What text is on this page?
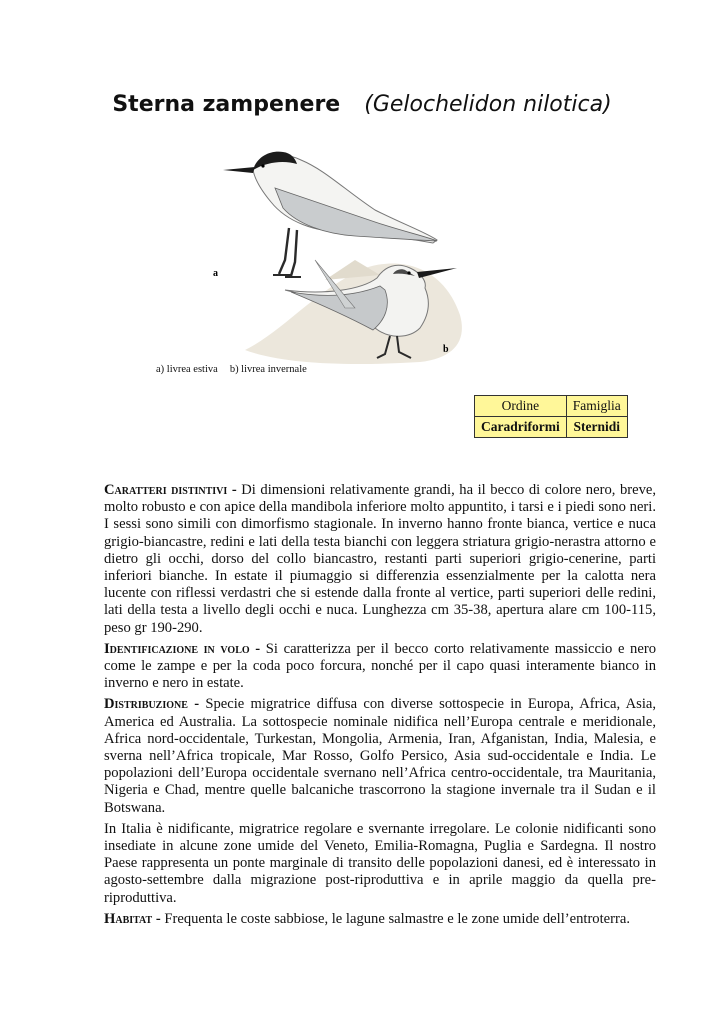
Sterna zampenere (Gelochelidon nilotica)
a
b
a) livrea estiva b) livrea invernale
Ordine	Famiglia
Caradriformi	Sternidi

Caratteri distintivi - Di dimensioni relativamente grandi, ha il becco di colore nero, breve, molto robusto e con apice della mandibola inferiore molto appuntito, i tarsi e i piedi sono neri. I sessi sono simili con dimorfismo stagionale. In inverno hanno fronte bianca, vertice e nuca grigio-biancastre, redini e lati della testa bianchi con leggera striatura grigio-nerastra attorno e dietro gli occhi, dorso del collo biancastro, restanti parti superiori grigio-cenerine, parti inferiori bianche. In estate il piumaggio si differenzia essenzialmente per la calotta nera lucente con riflessi verdastri che si estende dalla fronte al vertice, parti superiori delle redini, lati della testa a livello degli occhi e nuca. Lunghezza cm 35-38, apertura alare cm 100-115, peso gr 190-290.

Identificazione in volo - Si caratterizza per il becco corto relativamente massiccio e nero come le zampe e per la coda poco forcura, nonché per il capo quasi interamente bianco in inverno e nero in estate.

Distribuzione - Specie migratrice diffusa con diverse sottospecie in Europa, Africa, Asia, America ed Australia. La sottospecie nominale nidifica nell’Europa centrale e meridionale, Africa nord-occidentale, Turkestan, Mongolia, Armenia, Iran, Afganistan, India, Malesia, e sverna nell’Africa tropicale, Mar Rosso, Golfo Persico, Asia sud-occidentale e India. Le popolazioni dell’Europa occidentale svernano nell’Africa centro-occidentale, tra Mauritania, Nigeria e Chad, mentre quelle balcaniche trascorrono la stagione invernale tra il Sudan e il Botswana.

In Italia è nidificante, migratrice regolare e svernante irregolare. Le colonie nidificanti sono insediate in alcune zone umide del Veneto, Emilia-Romagna, Puglia e Sardegna. Il nostro Paese rappresenta un ponte marginale di transito delle popolazioni danesi, ed è interessato in agosto-settembre dalla migrazione post-riproduttiva e in aprile maggio da quella pre-riproduttiva.

Habitat - Frequenta le coste sabbiose, le lagune salmastre e le zone umide dell’entroterra.
